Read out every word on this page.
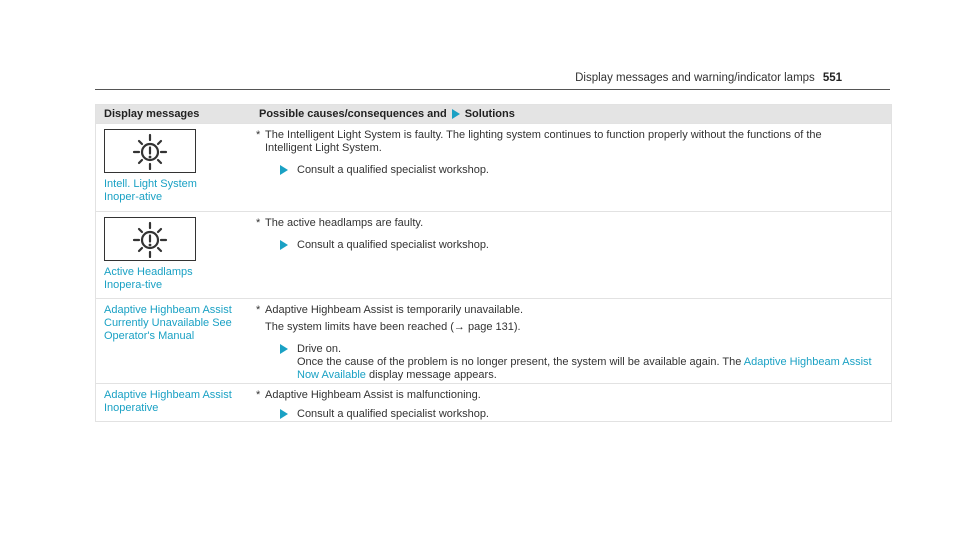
Display messages and warning/indicator lamps 551
Display messages	Possible causes/consequences and Solutions
Intell. Light System Inoper-ative
* The Intelligent Light System is faulty. The lighting system continues to function properly without the functions of the Intelligent Light System.
Consult a qualified specialist workshop.
Active Headlamps Inopera-tive
* The active headlamps are faulty.
Consult a qualified specialist workshop.
Adaptive Highbeam Assist Currently Unavailable See Operator's Manual
* Adaptive Highbeam Assist is temporarily unavailable.
The system limits have been reached (→ page 131).
Drive on.
Once the cause of the problem is no longer present, the system will be available again. The Adaptive Highbeam Assist Now Available display message appears.
Adaptive Highbeam Assist Inoperative
* Adaptive Highbeam Assist is malfunctioning.
Consult a qualified specialist workshop.
